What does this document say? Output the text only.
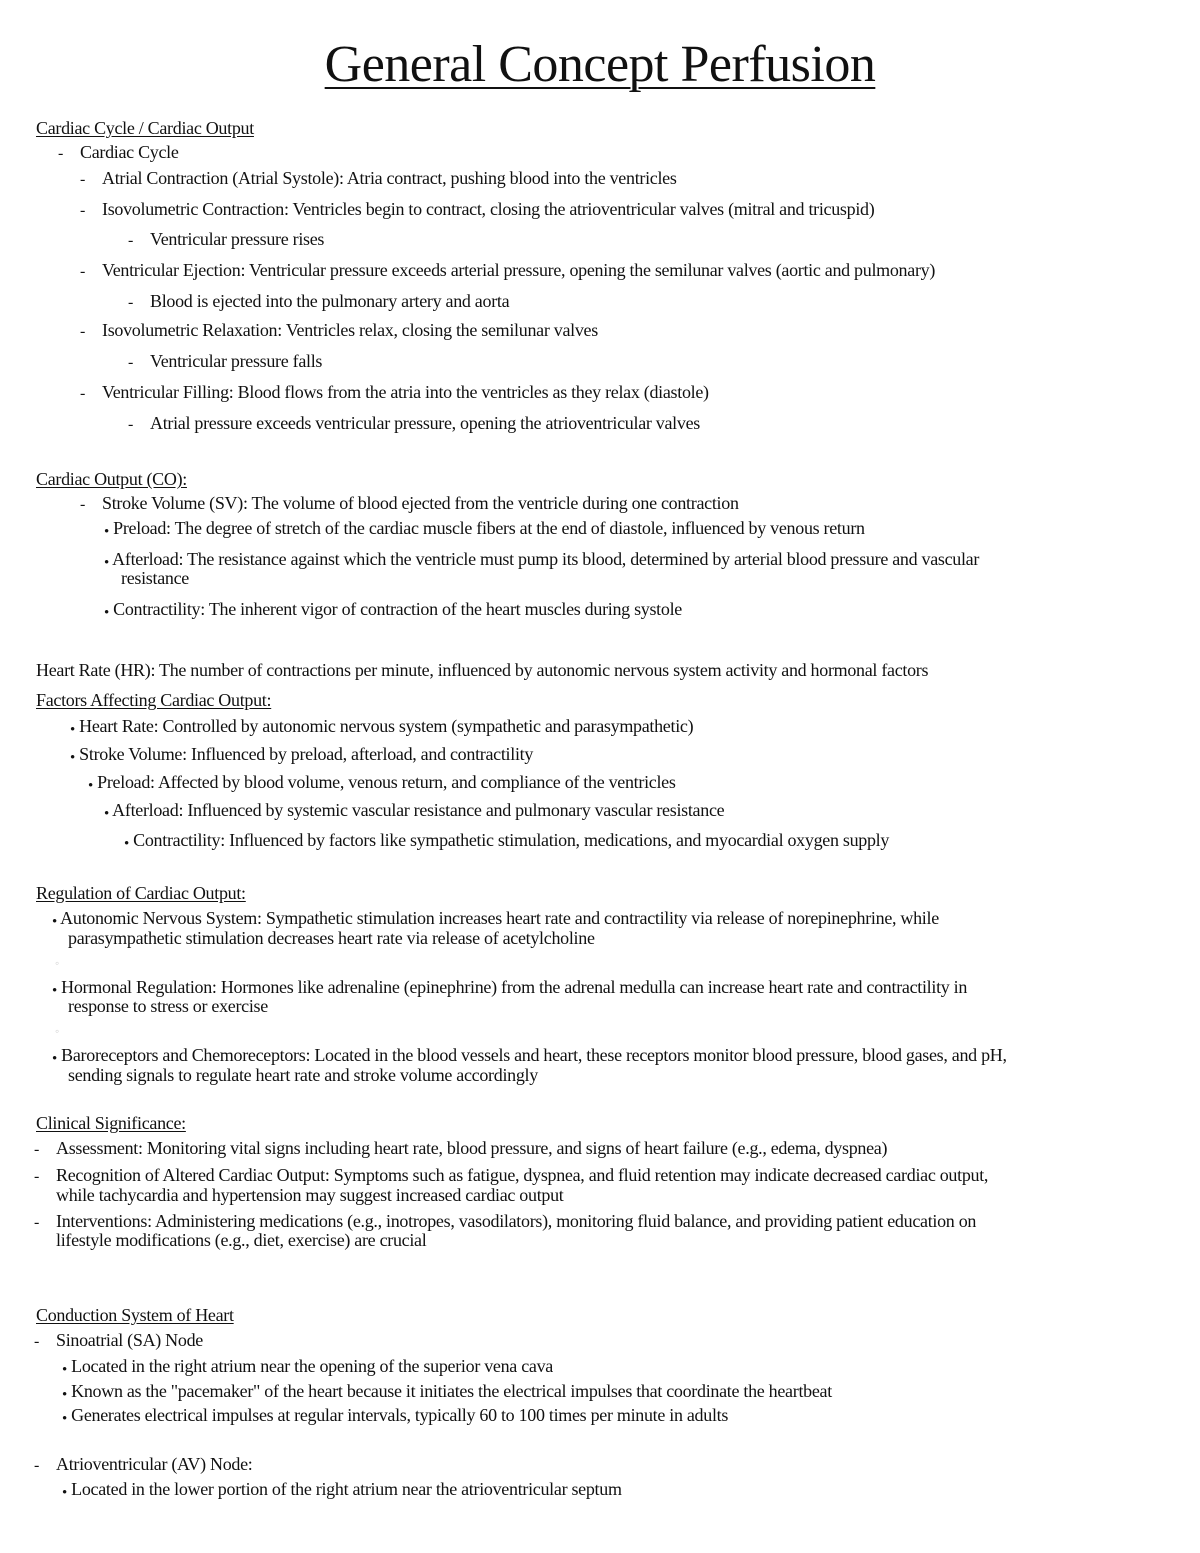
General Concept Perfusion
Cardiac Cycle / Cardiac Output
- Cardiac Cycle
- Atrial Contraction (Atrial Systole): Atria contract, pushing blood into the ventricles
- Isovolumetric Contraction: Ventricles begin to contract, closing the atrioventricular valves (mitral and tricuspid)
- Ventricular pressure rises
- Ventricular Ejection: Ventricular pressure exceeds arterial pressure, opening the semilunar valves (aortic and pulmonary)
- Blood is ejected into the pulmonary artery and aorta
- Isovolumetric Relaxation: Ventricles relax, closing the semilunar valves
- Ventricular pressure falls
- Ventricular Filling: Blood flows from the atria into the ventricles as they relax (diastole)
- Atrial pressure exceeds ventricular pressure, opening the atrioventricular valves
Cardiac Output (CO):
- Stroke Volume (SV): The volume of blood ejected from the ventricle during one contraction
• Preload: The degree of stretch of the cardiac muscle fibers at the end of diastole, influenced by venous return
• Afterload: The resistance against which the ventricle must pump its blood, determined by arterial blood pressure and vascular
resistance
• Contractility: The inherent vigor of contraction of the heart muscles during systole
Heart Rate (HR): The number of contractions per minute, influenced by autonomic nervous system activity and hormonal factors
Factors Affecting Cardiac Output:
• Heart Rate: Controlled by autonomic nervous system (sympathetic and parasympathetic)
• Stroke Volume: Influenced by preload, afterload, and contractility
• Preload: Affected by blood volume, venous return, and compliance of the ventricles
• Afterload: Influenced by systemic vascular resistance and pulmonary vascular resistance
• Contractility: Influenced by factors like sympathetic stimulation, medications, and myocardial oxygen supply
Regulation of Cardiac Output:
• Autonomic Nervous System: Sympathetic stimulation increases heart rate and contractility via release of norepinephrine, while
parasympathetic stimulation decreases heart rate via release of acetylcholine
◦
• Hormonal Regulation: Hormones like adrenaline (epinephrine) from the adrenal medulla can increase heart rate and contractility in
response to stress or exercise
◦
• Baroreceptors and Chemoreceptors: Located in the blood vessels and heart, these receptors monitor blood pressure, blood gases, and pH,
sending signals to regulate heart rate and stroke volume accordingly
Clinical Significance:
- Assessment: Monitoring vital signs including heart rate, blood pressure, and signs of heart failure (e.g., edema, dyspnea)
- Recognition of Altered Cardiac Output: Symptoms such as fatigue, dyspnea, and fluid retention may indicate decreased cardiac output,
while tachycardia and hypertension may suggest increased cardiac output
- Interventions: Administering medications (e.g., inotropes, vasodilators), monitoring fluid balance, and providing patient education on
lifestyle modifications (e.g., diet, exercise) are crucial
Conduction System of Heart
- Sinoatrial (SA) Node
• Located in the right atrium near the opening of the superior vena cava
• Known as the "pacemaker" of the heart because it initiates the electrical impulses that coordinate the heartbeat
• Generates electrical impulses at regular intervals, typically 60 to 100 times per minute in adults
- Atrioventricular (AV) Node:
• Located in the lower portion of the right atrium near the atrioventricular septum
